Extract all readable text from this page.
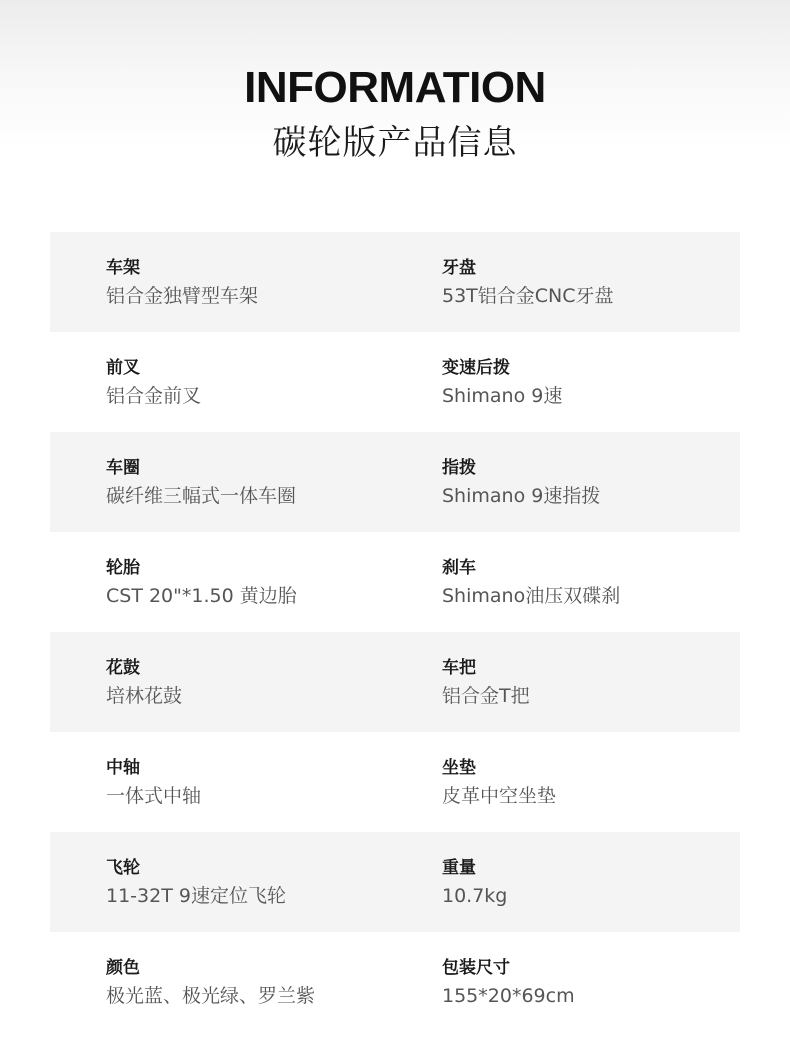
INFORMATION
碳轮版产品信息
车架
铝合金独臂型车架
牙盘
53T铝合金CNC牙盘
前叉
铝合金前叉
变速后拨
Shimano 9速
车圈
碳纤维三幅式一体车圈
指拨
Shimano 9速指拨
轮胎
CST 20"*1.50 黄边胎
刹车
Shimano油压双碟刹
花鼓
培林花鼓
车把
铝合金T把
中轴
一体式中轴
坐垫
皮革中空坐垫
飞轮
11-32T 9速定位飞轮
重量
10.7kg
颜色
极光蓝、极光绿、罗兰紫
包装尺寸
155*20*69cm
